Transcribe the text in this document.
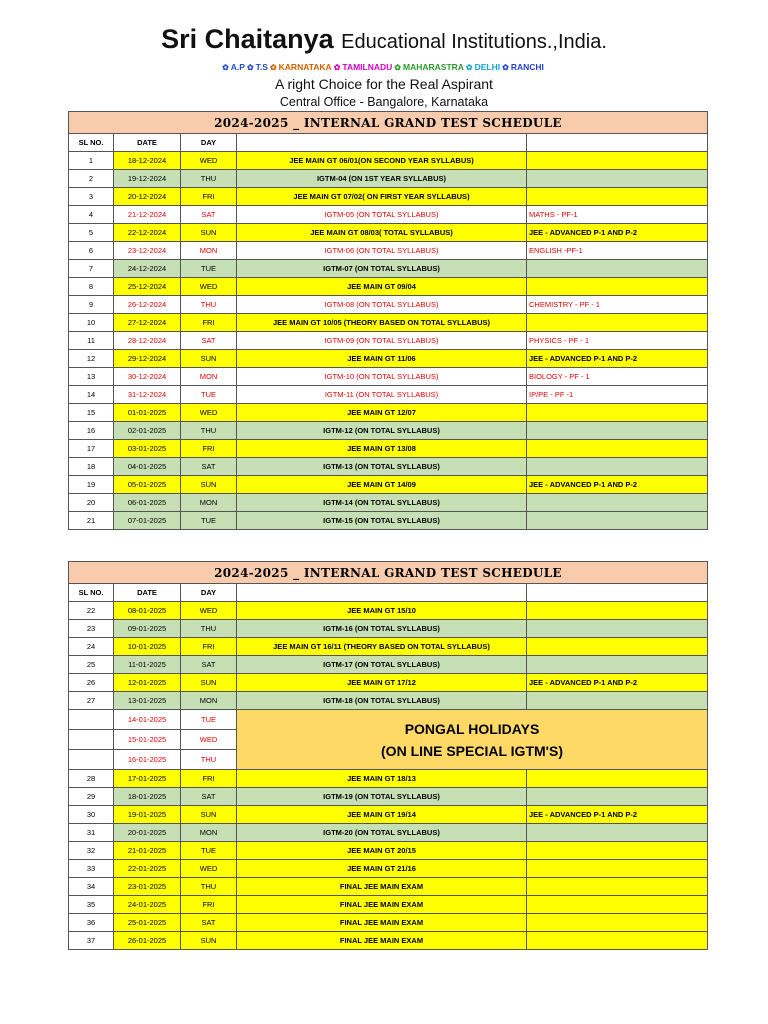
Sri Chaitanya Educational Institutions.,India.
✿ A.P ✿ T.S ✿ KARNATAKA ✿ TAMILNADU ✿ MAHARASTRA ✿ DELHI ✿ RANCHI
A right Choice for the Real Aspirant
Central Office - Bangalore, Karnataka
2024-2025 _ INTERNAL GRAND TEST SCHEDULE				
SL NO.	DATE	DAY		
1	18-12-2024	WED	JEE MAIN GT 06/01(ON SECOND YEAR SYLLABUS)	
2	19-12-2024	THU	IGTM-04 (ON 1ST YEAR SYLLABUS)	
3	20-12-2024	FRI	JEE MAIN GT 07/02( ON FIRST YEAR SYLLABUS)	
4	21-12-2024	SAT	IGTM-05 (ON TOTAL SYLLABUS)	MATHS - PF-1
5	22-12-2024	SUN	JEE MAIN GT 08/03( TOTAL SYLLABUS)	JEE - ADVANCED P-1 AND P-2
6	23-12-2024	MON	IGTM-06 (ON TOTAL SYLLABUS)	ENGLISH -PF-1
7	24-12-2024	TUE	IGTM-07 (ON TOTAL SYLLABUS)	
8	25-12-2024	WED	JEE MAIN GT 09/04	
9	26-12-2024	THU	IGTM-08 (ON TOTAL SYLLABUS)	CHEMISTRY - PF - 1
10	27-12-2024	FRI	JEE MAIN GT 10/05 (THEORY BASED ON TOTAL SYLLABUS)	
11	28-12-2024	SAT	IGTM-09 (ON TOTAL SYLLABUS)	PHYSICS - PF - 1
12	29-12-2024	SUN	JEE MAIN GT 11/06	JEE - ADVANCED P-1 AND P-2
13	30-12-2024	MON	IGTM-10 (ON TOTAL SYLLABUS)	BIOLOGY - PF - 1
14	31-12-2024	TUE	IGTM-11 (ON TOTAL SYLLABUS)	IP/PE - PF -1
15	01-01-2025	WED	JEE MAIN GT 12/07	
16	02-01-2025	THU	IGTM-12 (ON TOTAL SYLLABUS)	
17	03-01-2025	FRI	JEE MAIN GT 13/08	
18	04-01-2025	SAT	IGTM-13 (ON TOTAL SYLLABUS)	
19	05-01-2025	SUN	JEE MAIN GT 14/09	JEE - ADVANCED P-1 AND P-2
20	06-01-2025	MON	IGTM-14 (ON TOTAL SYLLABUS)	
21	07-01-2025	TUE	IGTM-15 (ON TOTAL SYLLABUS)	
2024-2025 _ INTERNAL GRAND TEST SCHEDULE				
SL NO.	DATE	DAY		
22	08-01-2025	WED	JEE MAIN GT 15/10	
23	09-01-2025	THU	IGTM-16 (ON TOTAL SYLLABUS)	
24	10-01-2025	FRI	JEE MAIN GT 16/11 (THEORY BASED ON TOTAL SYLLABUS)	
25	11-01-2025	SAT	IGTM-17 (ON TOTAL SYLLABUS)	
26	12-01-2025	SUN	JEE MAIN GT 17/12	JEE - ADVANCED P-1 AND P-2
27	13-01-2025	MON	IGTM-18 (ON TOTAL SYLLABUS)	
	14-01-2025	TUE	PONGAL HOLIDAYS
(ON LINE SPECIAL IGTM'S)	

	15-01-2025	WED		
	16-01-2025	THU		
28	17-01-2025	FRI	JEE MAIN GT 18/13	
29	18-01-2025	SAT	IGTM-19 (ON TOTAL SYLLABUS)	
30	19-01-2025	SUN	JEE MAIN GT 19/14	JEE - ADVANCED P-1 AND P-2
31	20-01-2025	MON	IGTM-20 (ON TOTAL SYLLABUS)	
32	21-01-2025	TUE	JEE MAIN GT 20/15	
33	22-01-2025	WED	JEE MAIN GT 21/16	
34	23-01-2025	THU	FINAL JEE MAIN EXAM	
35	24-01-2025	FRI	FINAL JEE MAIN EXAM	
36	25-01-2025	SAT	FINAL JEE MAIN EXAM	
37	26-01-2025	SUN	FINAL JEE MAIN EXAM	
